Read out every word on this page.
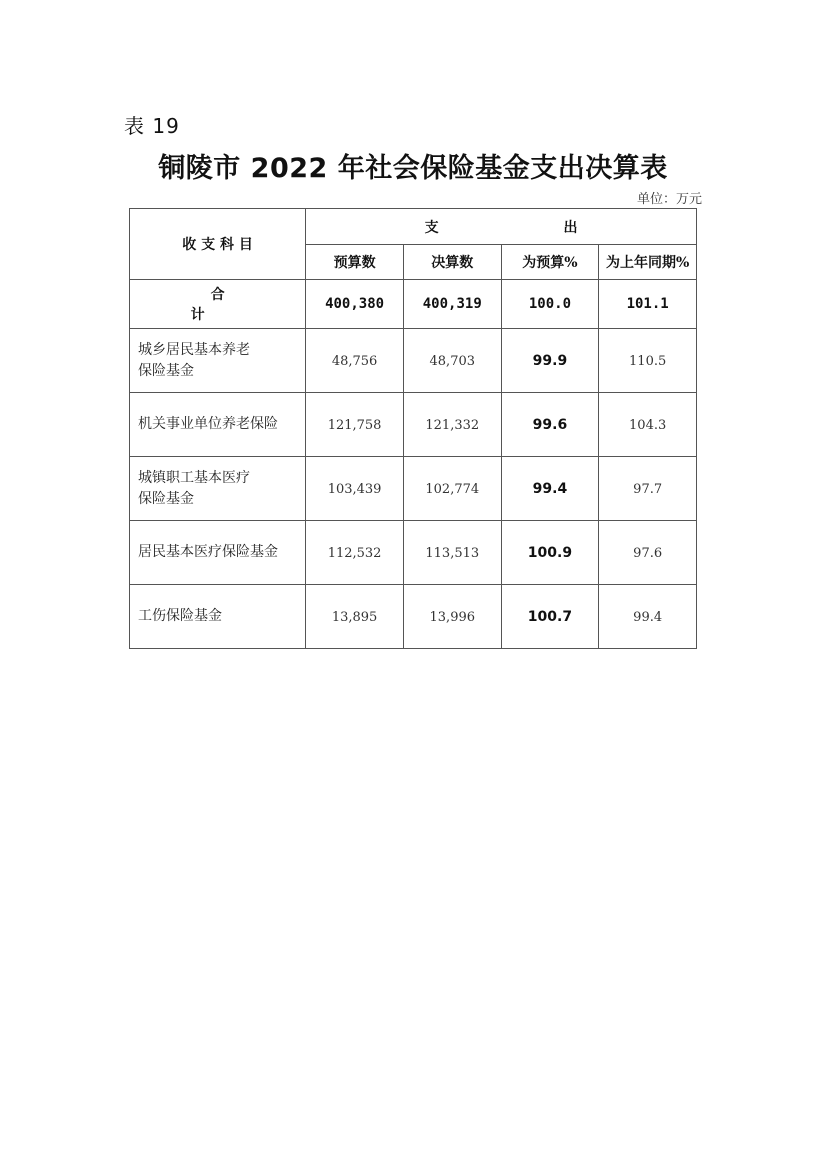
表 19
铜陵市 2022 年社会保险基金支出决算表
单位：万元
收 支 科 目	支 出			
	预算数	决算数	为预算%	为上年同期%
合 计	400,380	400,319	100.0	101.1
城乡居民基本养老
保险基金	48,756	48,703	99.9	110.5
机关事业单位养老保险	121,758	121,332	99.6	104.3
城镇职工基本医疗
保险基金	103,439	102,774	99.4	97.7
居民基本医疗保险基金	112,532	113,513	100.9	97.6
工伤保险基金	13,895	13,996	100.7	99.4
